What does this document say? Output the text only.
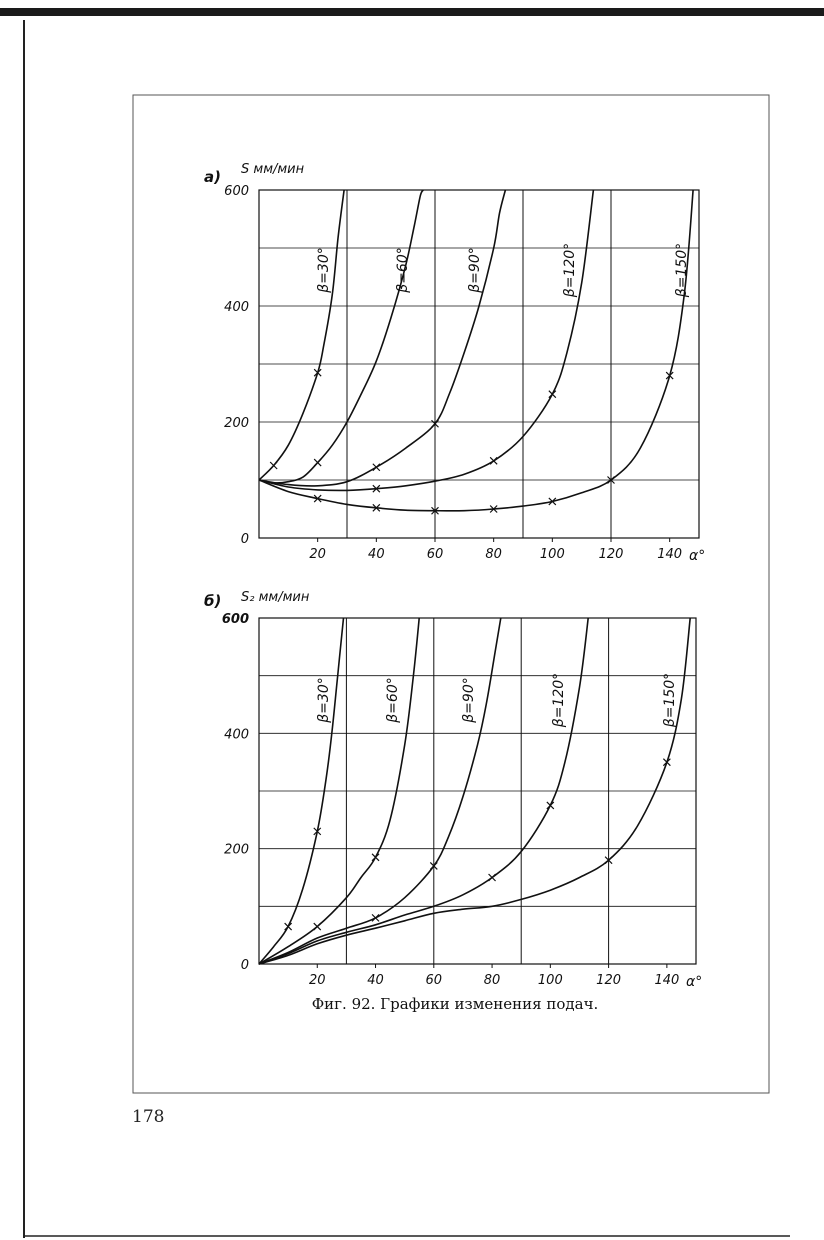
20	40	60	80	100	120	140
0
200
400
600
S мм/мин
α°
а)
β=30°	β=60°	β=90°	β=120°	β=150°
20	40	60	80	100	120	140
0
200
400
600
S₂ мм/мин
α°
б)
β=30°	β=60°	β=90°	β=120°	β=150°
Фиг. 92. Графики изменения подач.
178
